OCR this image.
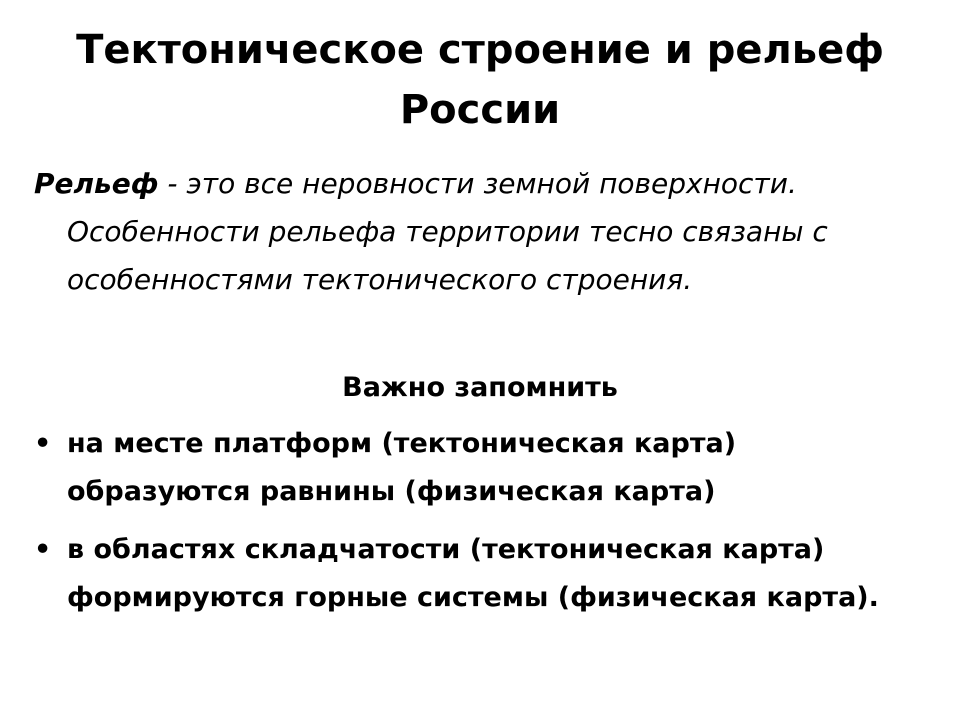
Тектоническое строение и рельеф России

Рельеф - это все неровности земной поверхности. Особенности рельефа территории тесно связаны с особенностями тектонического строения.

Важно запомнить
• на месте платформ (тектоническая карта) образуются равнины (физическая карта)
• в областях складчатости (тектоническая карта) формируются горные системы (физическая карта).
